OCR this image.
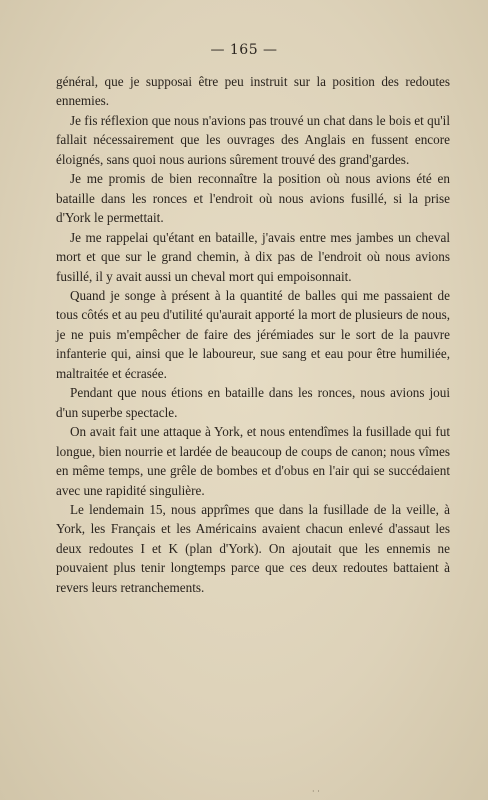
— 165 —

général, que je supposai être peu instruit sur la position des redoutes ennemies.

Je fis réflexion que nous n'avions pas trouvé un chat dans le bois et qu'il fallait nécessairement que les ouvrages des Anglais en fussent encore éloignés, sans quoi nous aurions sûrement trouvé des grand'gardes.

Je me promis de bien reconnaître la position où nous avions été en bataille dans les ronces et l'endroit où nous avions fusillé, si la prise d'York le permettait.

Je me rappelai qu'étant en bataille, j'avais entre mes jambes un cheval mort et que sur le grand chemin, à dix pas de l'endroit où nous avions fusillé, il y avait aussi un cheval mort qui empoisonnait.

Quand je songe à présent à la quantité de balles qui me passaient de tous côtés et au peu d'utilité qu'aurait apporté la mort de plusieurs de nous, je ne puis m'empêcher de faire des jérémiades sur le sort de la pauvre infanterie qui, ainsi que le laboureur, sue sang et eau pour être humiliée, maltraitée et écrasée.

Pendant que nous étions en bataille dans les ronces, nous avions joui d'un superbe spectacle.

On avait fait une attaque à York, et nous entendîmes la fusillade qui fut longue, bien nourrie et lardée de beaucoup de coups de canon; nous vîmes en même temps, une grêle de bombes et d'obus en l'air qui se succédaient avec une rapidité singulière.

Le lendemain 15, nous apprîmes que dans la fusillade de la veille, à York, les Français et les Américains avaient chacun enlevé d'assaut les deux redoutes I et K (plan d'York). On ajoutait que les ennemis ne pouvaient plus tenir longtemps parce que ces deux redoutes battaient à revers leurs retranchements.

· ·
